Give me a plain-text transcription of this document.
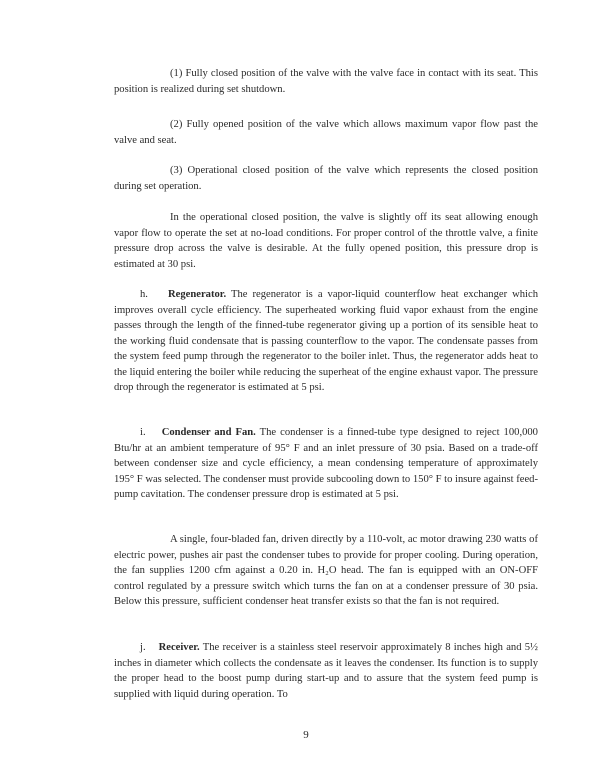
(1) Fully closed position of the valve with the valve face in contact with its seat. This position is realized during set shutdown.

(2) Fully opened position of the valve which allows maximum vapor flow past the valve and seat.

(3) Operational closed position of the valve which represents the closed position during set operation.

In the operational closed position, the valve is slightly off its seat allowing enough vapor flow to operate the set at no-load conditions. For proper control of the throttle valve, a finite pressure drop across the valve is desirable. At the fully opened position, this pressure drop is estimated at 30 psi.

h. Regenerator. The regenerator is a vapor-liquid counterflow heat exchanger which improves overall cycle efficiency. The superheated working fluid vapor exhaust from the engine passes through the length of the finned-tube regenerator giving up a portion of its sensible heat to the working fluid condensate that is passing counterflow to the vapor. The condensate passes from the system feed pump through the regenerator to the boiler inlet. Thus, the regenerator adds heat to the liquid entering the boiler while reducing the superheat of the engine exhaust vapor. The pressure drop through the regenerator is estimated at 5 psi.

i. Condenser and Fan. The condenser is a finned-tube type designed to reject 100,000 Btu/hr at an ambient temperature of 95° F and an inlet pressure of 30 psia. Based on a trade-off between condenser size and cycle efficiency, a mean condensing temperature of approximately 195° F was selected. The condenser must provide subcooling down to 150° F to insure against feed-pump cavitation. The condenser pressure drop is estimated at 5 psi.

A single, four-bladed fan, driven directly by a 110-volt, ac motor drawing 230 watts of electric power, pushes air past the condenser tubes to provide for proper cooling. During operation, the fan supplies 1200 cfm against a 0.20 in. H₂O head. The fan is equipped with an ON-OFF control regulated by a pressure switch which turns the fan on at a condenser pressure of 30 psia. Below this pressure, sufficient condenser heat transfer exists so that the fan is not required.

j. Receiver. The receiver is a stainless steel reservoir approximately 8 inches high and 5½ inches in diameter which collects the condensate as it leaves the condenser. Its function is to supply the proper head to the boost pump during start-up and to assure that the system feed pump is supplied with liquid during operation. To

9
